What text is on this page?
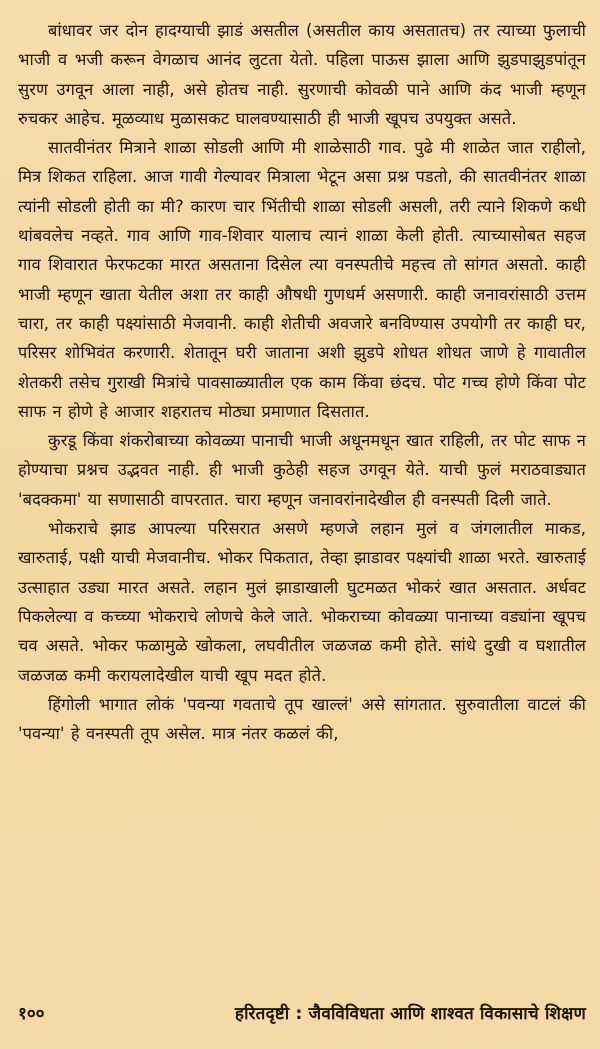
बांधावर जर दोन हादग्याची झाडं असतील (असतील काय असतातच) तर त्याच्या फुलाची भाजी व भजी करून वेगळाच आनंद लुटता येतो. पहिला पाऊस झाला आणि झुडपाझुडपांतून सुरण उगवून आला नाही, असे होतच नाही. सुरणाची कोवळी पाने आणि कंद भाजी म्हणून रुचकर आहेच. मूळव्याध मुळासकट घालवण्यासाठी ही भाजी खूपच उपयुक्त असते.

सातवीनंतर मित्राने शाळा सोडली आणि मी शाळेसाठी गाव. पुढे मी शाळेत जात राहीलो, मित्र शिकत राहिला. आज गावी गेल्यावर मित्राला भेटून असा प्रश्न पडतो, की सातवीनंतर शाळा त्यांनी सोडली होती का मी? कारण चार भिंतीची शाळा सोडली असली, तरी त्याने शिकणे कधी थांबवलेच नव्हते. गाव आणि गाव-शिवार यालाच त्यानं शाळा केली होती. त्याच्यासोबत सहज गाव शिवारात फेरफटका मारत असताना दिसेल त्या वनस्पतीचे महत्त्व तो सांगत असतो. काही भाजी म्हणून खाता येतील अशा तर काही औषधी गुणधर्म असणारी. काही जनावरांसाठी उत्तम चारा, तर काही पक्ष्यांसाठी मेजवानी. काही शेतीची अवजारे बनविण्यास उपयोगी तर काही घर, परिसर शोभिवंत करणारी. शेतातून घरी जाताना अशी झुडपे शोधत शोधत जाणे हे गावातील शेतकरी तसेच गुराखी मित्रांचे पावसाळ्यातील एक काम किंवा छंदच. पोट गच्च होणे किंवा पोट साफ न होणे हे आजार शहरातच मोठ्या प्रमाणात दिसतात.

कुरडू किंवा शंकरोबाच्या कोवळ्या पानाची भाजी अधूनमधून खात राहिली, तर पोट साफ न होण्याचा प्रश्नच उद्भवत नाही. ही भाजी कुठेही सहज उगवून येते. याची फुलं मराठवाड्यात 'बदक्कमा' या सणासाठी वापरतात. चारा म्हणून जनावरांनादेखील ही वनस्पती दिली जाते.

भोकराचे झाड आपल्या परिसरात असणे म्हणजे लहान मुलं व जंगलातील माकड, खारुताई, पक्षी याची मेजवानीच. भोकर पिकतात, तेव्हा झाडावर पक्ष्यांची शाळा भरते. खारुताई उत्साहात उड्या मारत असते. लहान मुलं झाडाखाली घुटमळत भोकरं खात असतात. अर्धवट पिकलेल्या व कच्च्या भोकराचे लोणचे केले जाते. भोकराच्या कोवळ्या पानाच्या वड्यांना खूपच चव असते. भोकर फळामुळे खोकला, लघवीतील जळजळ कमी होते. सांधे दुखी व घशातील जळजळ कमी करायलादेखील याची खूप मदत होते.

हिंगोली भागात लोकं 'पवन्या गवताचे तूप खाल्लं' असे सांगतात. सुरुवातीला वाटलं की 'पवन्या' हे वनस्पती तूप असेल. मात्र नंतर कळलं की,

१००	हरितदृष्टी : जैवविविधता आणि शाश्वत विकासाचे शिक्षण
